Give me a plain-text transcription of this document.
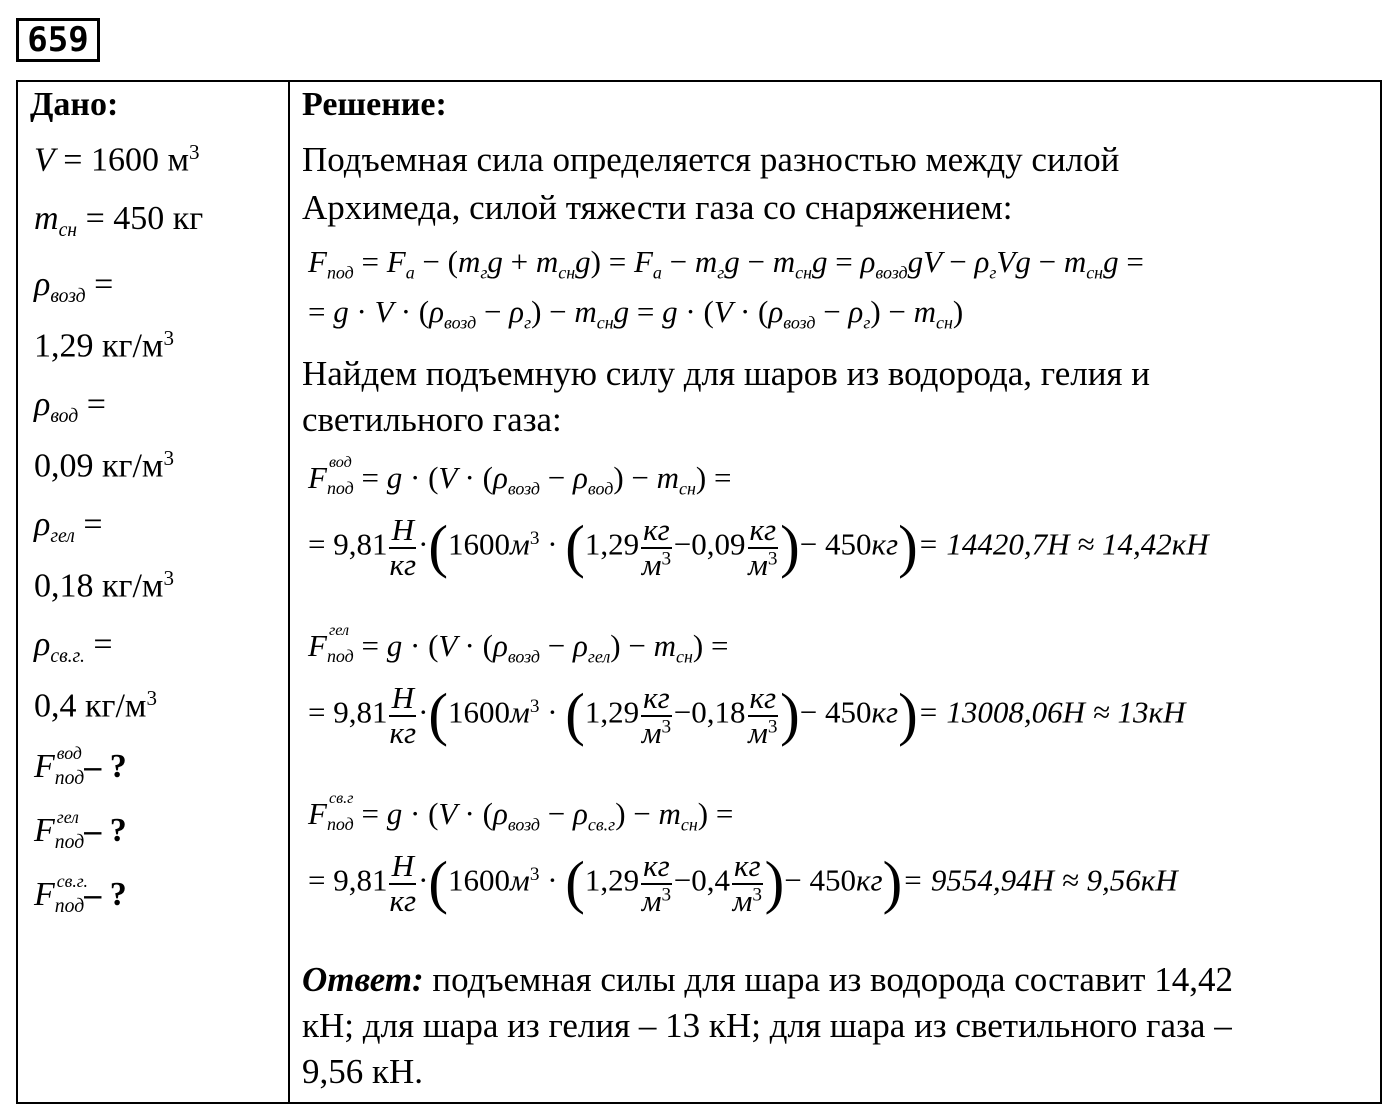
659
Дано:
V = 1600 $м^3$
$m_{сн} = 450$ кг
$\rho_{возд}$ =
1,29 $кг/м^3$
$\rho_{вод}$ =
0,09 $кг/м^3$
$\rho_{гел}$ =
0,18 $кг/м^3$
$\rho_{св.г.}$ =
0,4 $кг/м^3$
$F_{под вод}$ – ?
$F_{под гел}$ – ?
$F_{под св.г.}$
– ?
Решение:
Подъемная сила определяется разностью между силой
Архимеда, силой тяжести газа со снаряжением:
$F_{под} = F_а - (m_гg + m_{сн}g) = F_а - m_гg - m_{сн}g = \rho_{возд}gV - \rho_гVg - m_{сн}g$ =
= $g \cdot V \cdot (\rho_{возд} - \rho_г) - m_{сн}g = g \cdot (V \cdot (\rho_{возд} - \rho_г) - m_{сн})$
Найдем подъемную силу для шаров из водорода, гелия и
светильного газа:
$F_{под вод} = g \cdot (V \cdot (\rho_{возд} - \rho_{вод}) - m_{сн})$ =
= $9,81 \frac{Н}{кг} \cdot(1600м^3 \cdot (1,29 \frac{кг}{м^3} -0,09 \frac{кг}{м^3}$ )− 450кг)= 14420,7Н ≈ 14,42кН
$F_{под гел} = g \cdot (V \cdot (\rho_{возд} - \rho_{гел}) - m_{сн})$ =
= $9,81 \frac{Н}{кг} \cdot(1600м^3 \cdot (1,29 \frac{кг}{м^3} -0,18 \frac{кг}{м^3}$ )− 450кг)= 13008,06Н ≈ 13кН
$F_{под св.г} = g \cdot (V \cdot (\rho_{возд} - \rho_{св.г}) - m_{сн})$ =
= $9,81 \frac{Н}{кг} \cdot(1600м^3 \cdot (1,29 \frac{кг}{м^3} -0,4 \frac{кг}{м^3}$ )− 450кг)= 9554,94Н ≈ 9,56кН
Ответ: подъемная силы для шара из водорода составит 14,42
кН; для шара из гелия – 13 кН; для шара из светильного газа –
9,56 кН.
